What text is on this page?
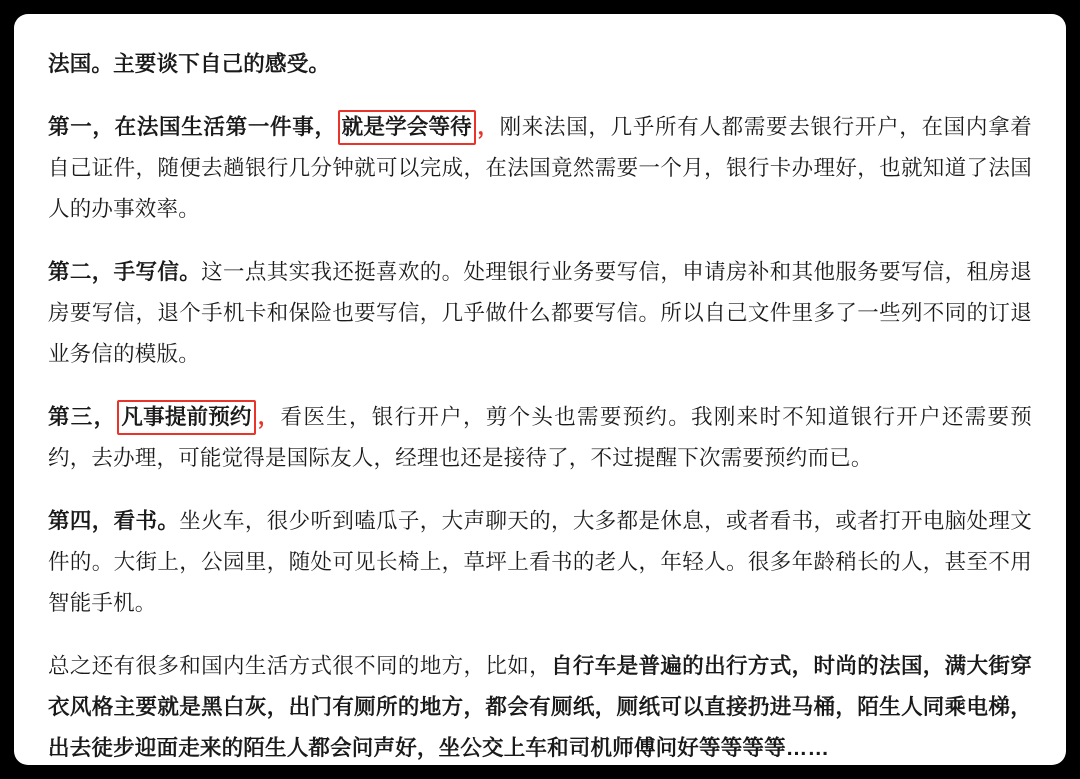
法国。主要谈下自己的感受。

第一，在法国生活第一件事， 就是学会等待 ，刚来法国，几乎所有人都需要去银行开户，在国内拿着自己证件，随便去趟银行几分钟就可以完成，在法国竟然需要一个月，银行卡办理好，也就知道了法国人的办事效率。

第二，手写信。这一点其实我还挺喜欢的。处理银行业务要写信，申请房补和其他服务要写信，租房退房要写信，退个手机卡和保险也要写信，几乎做什么都要写信。所以自己文件里多了一些列不同的订退业务信的模版。

第三， 凡事提前预约 ，看医生，银行开户，剪个头也需要预约。我刚来时不知道银行开户还需要预约，去办理，可能觉得是国际友人，经理也还是接待了，不过提醒下次需要预约而已。

第四，看书。坐火车，很少听到嗑瓜子，大声聊天的，大多都是休息，或者看书，或者打开电脑处理文件的。大街上，公园里，随处可见长椅上，草坪上看书的老人，年轻人。很多年龄稍长的人，甚至不用智能手机。

总之还有很多和国内生活方式很不同的地方，比如，自行车是普遍的出行方式，时尚的法国，满大街穿衣风格主要就是黑白灰，出门有厕所的地方，都会有厕纸，厕纸可以直接扔进马桶，陌生人同乘电梯，出去徒步迎面走来的陌生人都会问声好，坐公交上车和司机师傅问好等等等等……
